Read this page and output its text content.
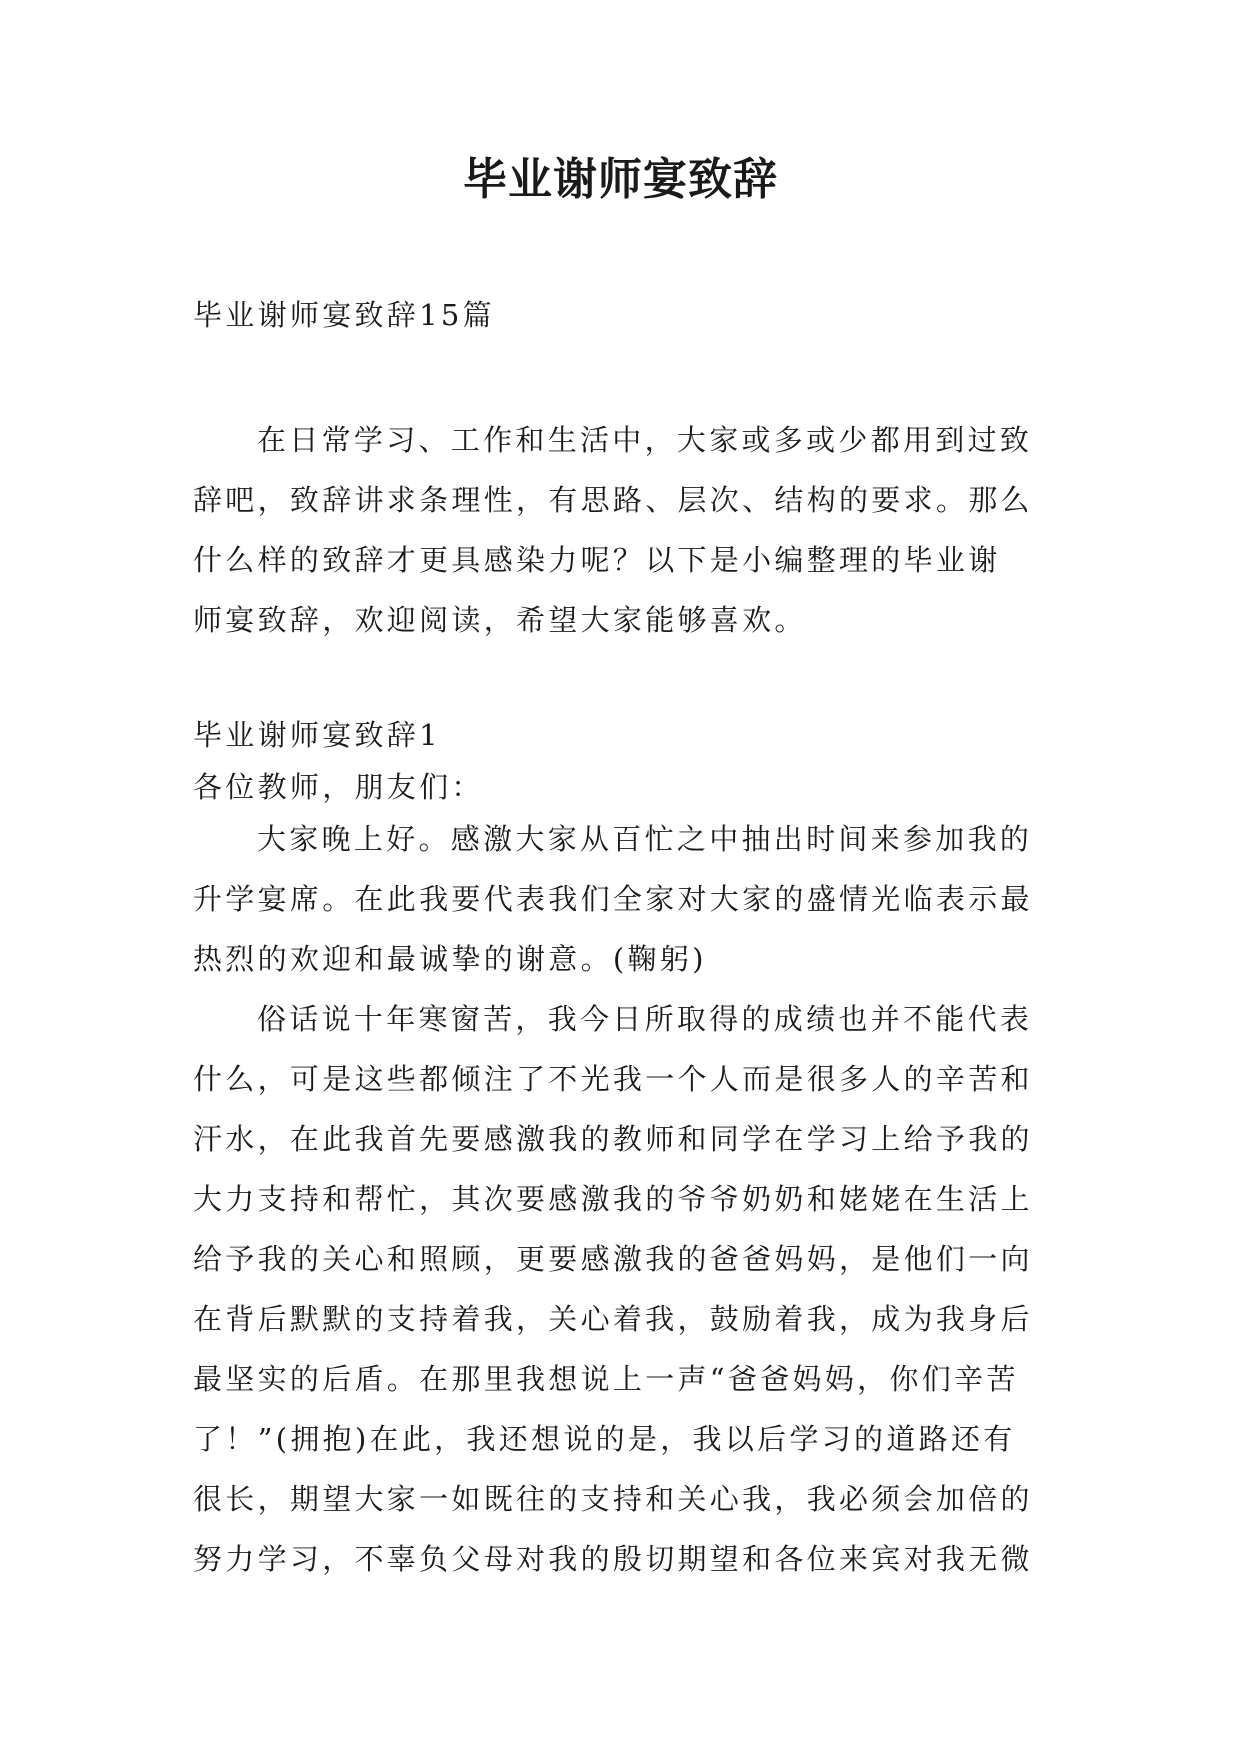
毕业谢师宴致辞
毕业谢师宴致辞15篇
在日常学习、工作和生活中，大家或多或少都用到过致
辞吧，致辞讲求条理性，有思路、层次、结构的要求。那么
什么样的致辞才更具感染力呢？以下是小编整理的毕业谢
师宴致辞，欢迎阅读，希望大家能够喜欢。
毕业谢师宴致辞1
各位教师，朋友们：
大家晚上好。感激大家从百忙之中抽出时间来参加我的
升学宴席。在此我要代表我们全家对大家的盛情光临表示最
热烈的欢迎和最诚挚的谢意。(鞠躬)
俗话说十年寒窗苦，我今日所取得的成绩也并不能代表
什么，可是这些都倾注了不光我一个人而是很多人的辛苦和
汗水，在此我首先要感激我的教师和同学在学习上给予我的
大力支持和帮忙，其次要感激我的爷爷奶奶和姥姥在生活上
给予我的关心和照顾，更要感激我的爸爸妈妈，是他们一向
在背后默默的支持着我，关心着我，鼓励着我，成为我身后
最坚实的后盾。在那里我想说上一声“爸爸妈妈，你们辛苦
了！”(拥抱)在此，我还想说的是，我以后学习的道路还有
很长，期望大家一如既往的支持和关心我，我必须会加倍的
努力学习，不辜负父母对我的殷切期望和各位来宾对我无微
